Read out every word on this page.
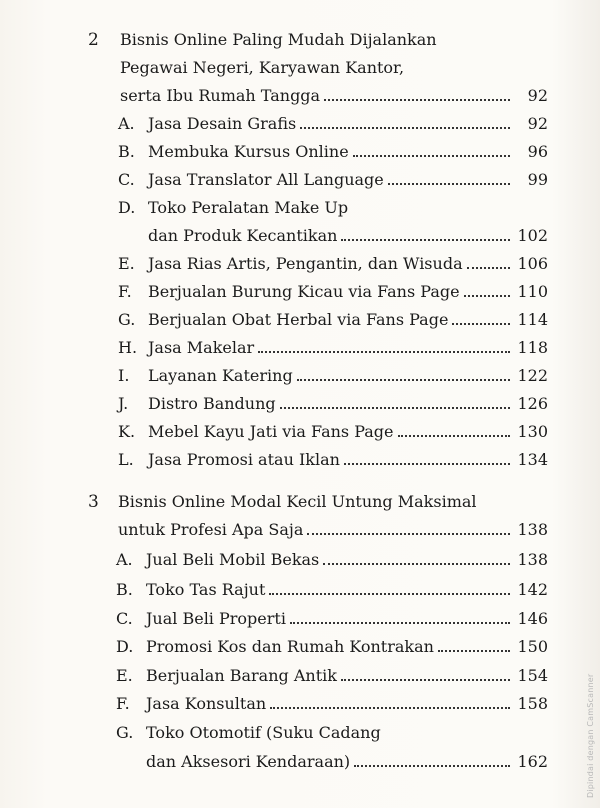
2 Bisnis Online Paling Mudah Dijalankan
Pegawai Negeri, Karyawan Kantor,
serta Ibu Rumah Tangga	92
A. Jasa Desain Grafis	92
B. Membuka Kursus Online	96
C. Jasa Translator All Language	99
D. Toko Peralatan Make Up
dan Produk Kecantikan	102
E. Jasa Rias Artis, Pengantin, dan Wisuda	106
F.	Berjualan Burung Kicau via Fans Page	110
G. Berjualan Obat Herbal via Fans Page	114
H. Jasa Makelar	118
I.	Layanan Katering	122
J.	Distro Bandung	126
K. Mebel Kayu Jati via Fans Page	130
L. Jasa Promosi atau Iklan	134
3 Bisnis Online Modal Kecil Untung Maksimal
untuk Profesi Apa Saja	138
A. Jual Beli Mobil Bekas	138
B. Toko Tas Rajut	142
C. Jual Beli Properti	146
D. Promosi Kos dan Rumah Kontrakan	150
E. Berjualan Barang Antik	154
F.	Jasa Konsultan	158
G. Toko Otomotif (Suku Cadang
dan Aksesori Kendaraan)	162	Dipindai dengan CamScanner
